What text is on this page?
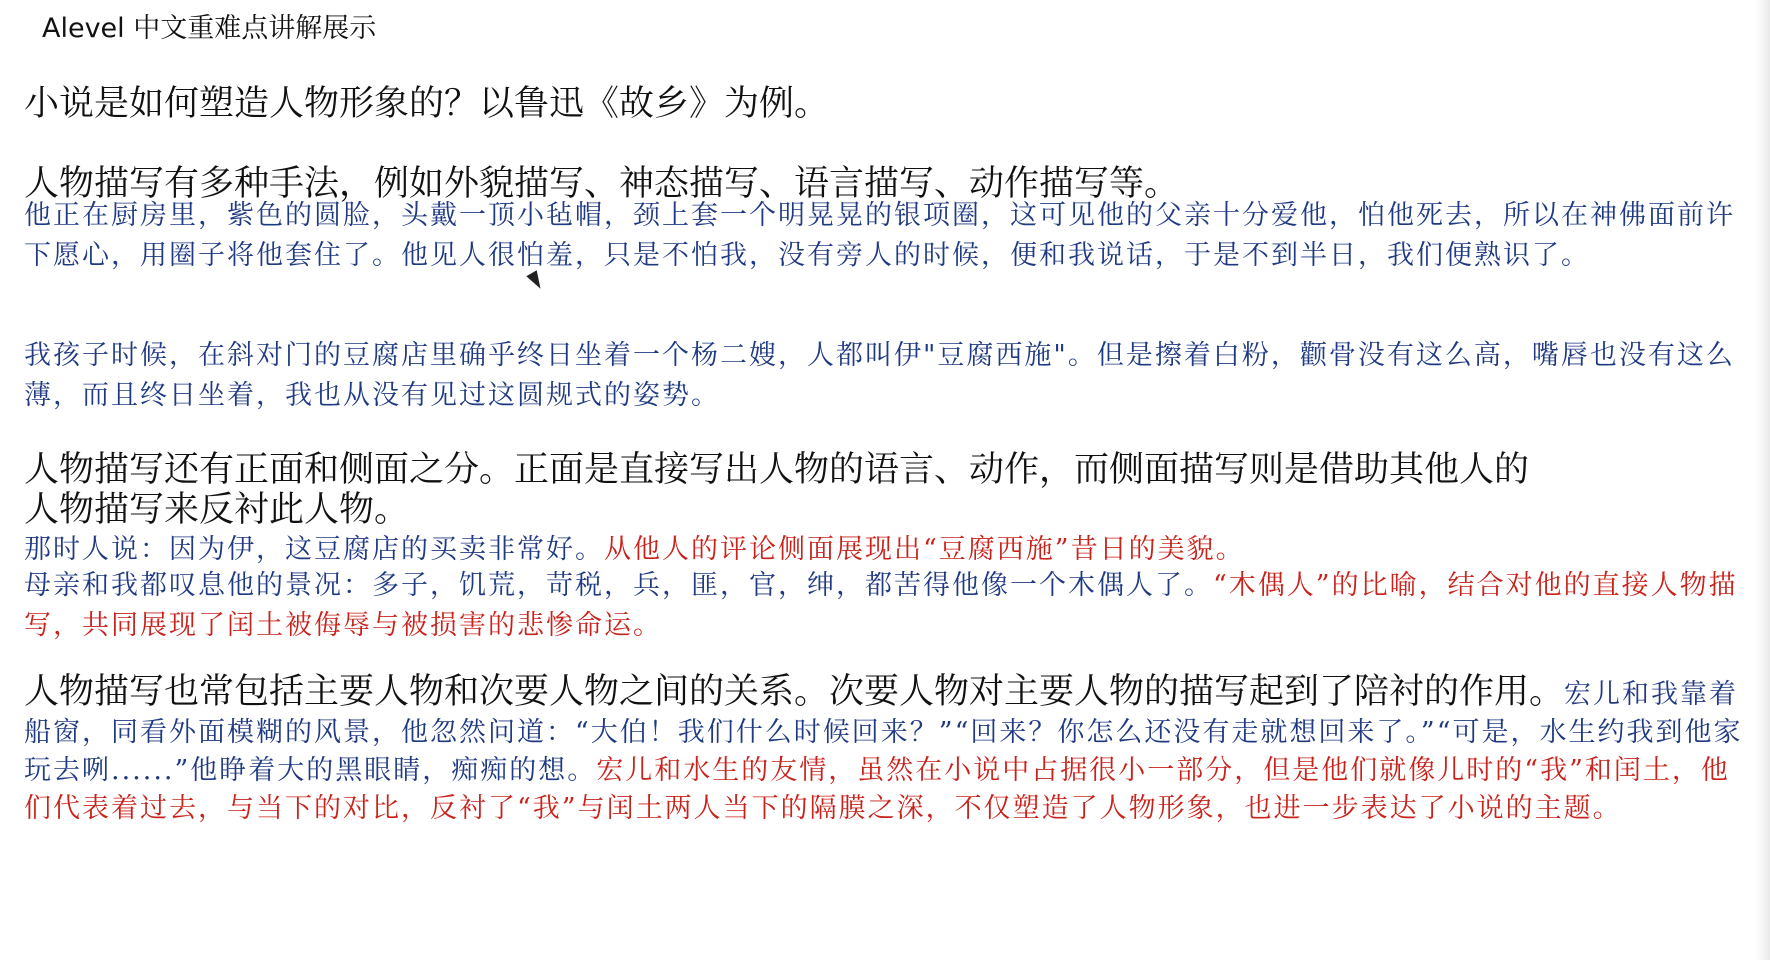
Alevel 中文重难点讲解展示
小说是如何塑造人物形象的？以鲁迅《故乡》为例。
人物描写有多种手法，例如外貌描写、神态描写、语言描写、动作描写等。

他正在厨房里，紫色的圆脸，头戴一顶小毡帽，颈上套一个明晃晃的银项圈，这可见他的父亲十分爱他，怕他死去，所以在神佛面前许下愿心，用圈子将他套住了。他见人很怕羞，只是不怕我，没有旁人的时候，便和我说话，于是不到半日，我们便熟识了。

我孩子时候，在斜对门的豆腐店里确乎终日坐着一个杨二嫂，人都叫伊"豆腐西施"。但是擦着白粉，颧骨没有这么高，嘴唇也没有这么薄，而且终日坐着，我也从没有见过这圆规式的姿势。

人物描写还有正面和侧面之分。正面是直接写出人物的语言、动作，而侧面描写则是借助其他人的人物描写来反衬此人物。

那时人说：因为伊，这豆腐店的买卖非常好。从他人的评论侧面展现出“豆腐西施”昔日的美貌。

母亲和我都叹息他的景况：多子，饥荒，苛税，兵，匪，官，绅，都苦得他像一个木偶人了。“木偶人”的比喻，结合对他的直接人物描写，共同展现了闰土被侮辱与被损害的悲惨命运。

人物描写也常包括主要人物和次要人物之间的关系。次要人物对主要人物的描写起到了陪衬的作用。宏儿和我靠着船窗，同看外面模糊的风景，他忽然问道：“大伯！我们什么时候回来？”“回来？你怎么还没有走就想回来了。”“可是，水生约我到他家玩去咧......”他睁着大的黑眼睛，痴痴的想。宏儿和水生的友情，虽然在小说中占据很小一部分，但是他们就像儿时的“我”和闰土，他们代表着过去，与当下的对比，反衬了“我”与闰土两人当下的隔膜之深，不仅塑造了人物形象，也进一步表达了小说的主题。
